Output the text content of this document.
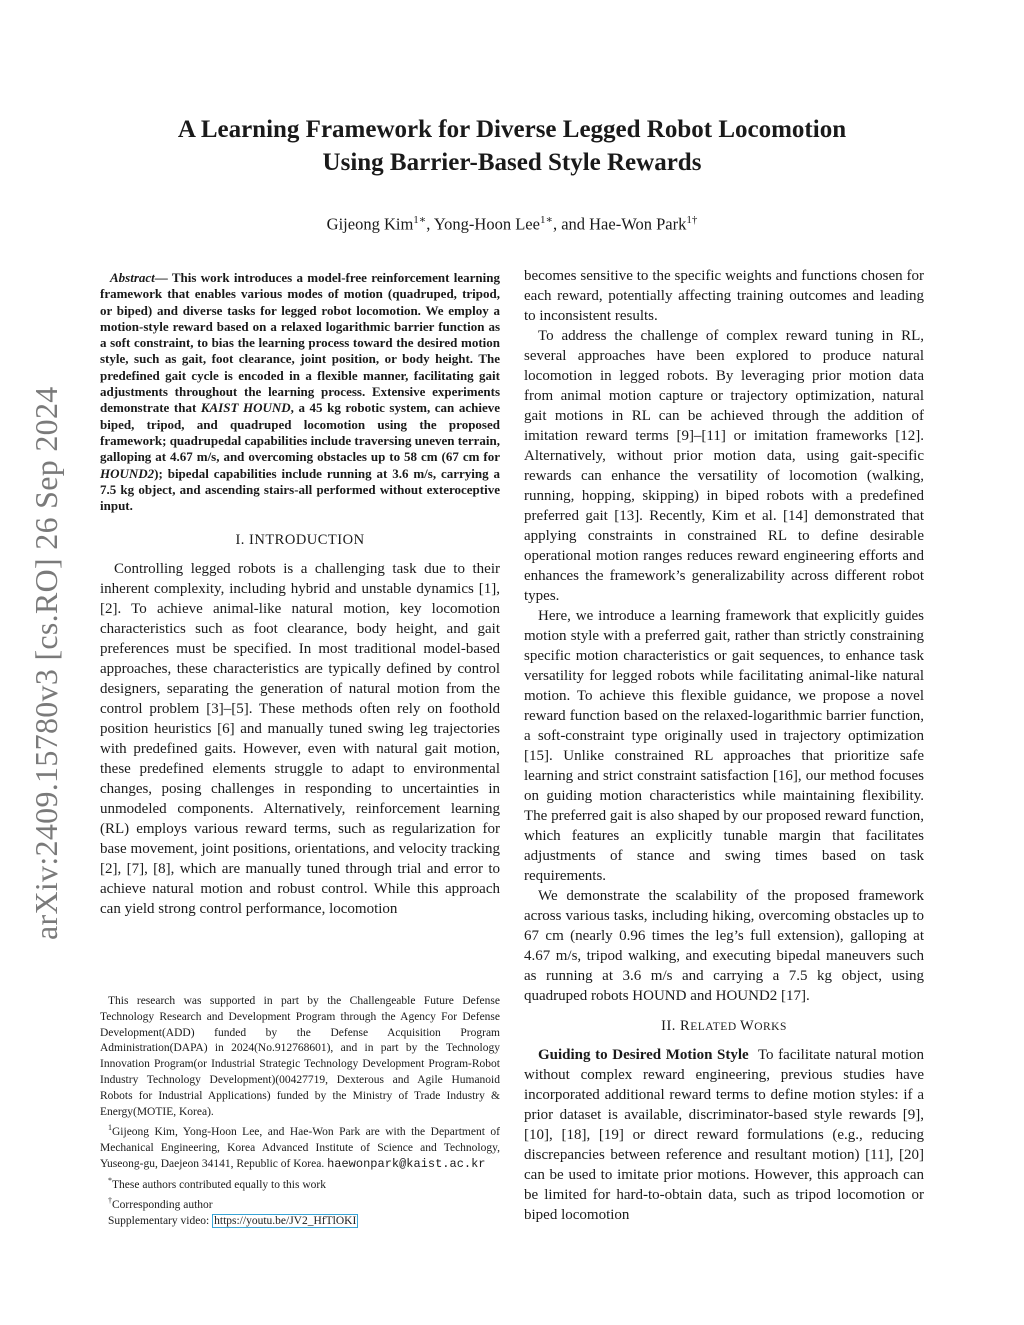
arXiv:2409.15780v3 [cs.RO] 26 Sep 2024
A Learning Framework for Diverse Legged Robot Locomotion
Using Barrier-Based Style Rewards
Gijeong Kim$^{1∗}$, Yong-Hoon Lee$^{1∗}$, and Hae-Won Park$^{1\dagger}$

Abstract— This work introduces a model-free reinforcement learning framework that enables various modes of motion (quadruped, tripod, or biped) and diverse tasks for legged robot locomotion. We employ a motion-style reward based on a relaxed logarithmic barrier function as a soft constraint, to bias the learning process toward the desired motion style, such as gait, foot clearance, joint position, or body height. The predefined gait cycle is encoded in a flexible manner, facilitating gait adjustments throughout the learning process. Extensive experiments demonstrate that KAIST HOUND, a 45 kg robotic system, can achieve biped, tripod, and quadruped locomotion using the proposed framework; quadrupedal capabilities include traversing uneven terrain, galloping at 4.67 m/s, and overcoming obstacles up to 58 cm (67 cm for HOUND2); bipedal capabilities include running at 3.6 m/s, carrying a 7.5 kg object, and ascending stairs-all performed without exteroceptive input.

I. INTRODUCTION

Controlling legged robots is a challenging task due to their inherent complexity, including hybrid and unstable dynamics [1], [2]. To achieve animal-like natural motion, key locomotion characteristics such as foot clearance, body height, and gait preferences must be specified. In most traditional model-based approaches, these characteristics are typically defined by control designers, separating the generation of natural motion from the control problem [3]–[5]. These methods often rely on foothold position heuristics [6] and manually tuned swing leg trajectories with predefined gaits. However, even with natural gait motion, these predefined elements struggle to adapt to environmental changes, posing challenges in responding to uncertainties in unmodeled components. Alternatively, reinforcement learning (RL) employs various reward terms, such as regularization for base movement, joint positions, orientations, and velocity tracking [2], [7], [8], which are manually tuned through trial and error to achieve natural motion and robust control. While this approach can yield strong control performance, locomotion

This research was supported in part by the Challengeable Future Defense Technology Research and Development Program through the Agency For Defense Development(ADD) funded by the Defense Acquisition Program Administration(DAPA) in 2024(No.912768601), and in part by the Technology Innovation Program(or Industrial Strategic Technology Development Program-Robot Industry Technology Development)(00427719, Dexterous and Agile Humanoid Robots for Industrial Applications) funded by the Ministry of Trade Industry & Energy(MOTIE, Korea).

$^1$Gijeong Kim, Yong-Hoon Lee, and Hae-Won Park are with the Department of Mechanical Engineering, Korea Advanced Institute of Science and Technology, Yuseong-gu, Daejeon 34141, Republic of Korea. haewonpark@kaist.ac.kr

*These authors contributed equally to this work

†Corresponding author

Supplementary video: https://youtu.be/JV2_HfTlOKI

becomes sensitive to the specific weights and functions chosen for each reward, potentially affecting training outcomes and leading to inconsistent results.

To address the challenge of complex reward tuning in RL, several approaches have been explored to produce natural locomotion in legged robots. By leveraging prior motion data from animal motion capture or trajectory optimization, natural gait motions in RL can be achieved through the addition of imitation reward terms [9]–[11] or imitation frameworks [12]. Alternatively, without prior motion data, using gait-specific rewards can enhance the versatility of locomotion (walking, running, hopping, skipping) in biped robots with a predefined preferred gait [13]. Recently, Kim et al. [14] demonstrated that applying constraints in constrained RL to define desirable operational motion ranges reduces reward engineering efforts and enhances the framework’s generalizability across different robot types.

Here, we introduce a learning framework that explicitly guides motion style with a preferred gait, rather than strictly constraining specific motion characteristics or gait sequences, to enhance task versatility for legged robots while facilitating animal-like natural motion. To achieve this flexible guidance, we propose a novel reward function based on the relaxed-logarithmic barrier function, a soft-constraint type originally used in trajectory optimization [15]. Unlike constrained RL approaches that prioritize safe learning and strict constraint satisfaction [16], our method focuses on guiding motion characteristics while maintaining flexibility. The preferred gait is also shaped by our proposed reward function, which features an explicitly tunable margin that facilitates adjustments of stance and swing times based on task requirements.

We demonstrate the scalability of the proposed framework across various tasks, including hiking, overcoming obstacles up to 67 cm (nearly 0.96 times the leg’s full extension), galloping at 4.67 m/s, tripod walking, and executing bipedal maneuvers such as running at 3.6 m/s and carrying a 7.5 kg object, using quadruped robots HOUND and HOUND2 [17].

II. RELATED WORKS

Guiding to Desired Motion Style To facilitate natural motion without complex reward engineering, previous studies have incorporated additional reward terms to define motion styles: if a prior dataset is available, discriminator-based style rewards [9], [10], [18], [19] or direct reward formulations (e.g., reducing discrepancies between reference and resultant motion) [11], [20] can be used to imitate prior motions. However, this approach can be limited for hard-to-obtain data, such as tripod locomotion or biped locomotion
